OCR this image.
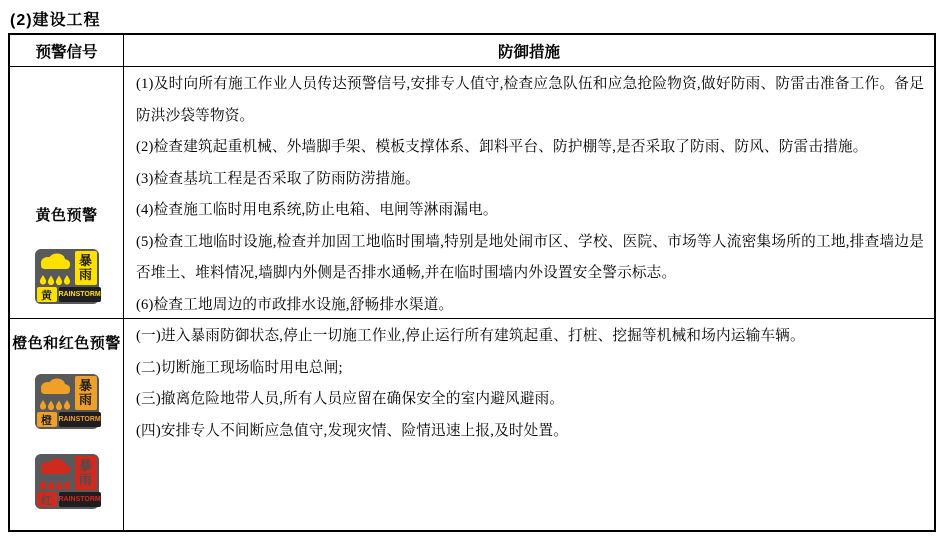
(2)建设工程
预警信号	防御措施
黄色预警
暴雨
黄 RAINSTORM

(1)及时向所有施工作业人员传达预警信号,安排专人值守,检查应急队伍和应急抢险物资,做好防雨、防雷击准备工作。备足防洪沙袋等物资。

(2)检查建筑起重机械、外墙脚手架、模板支撑体系、卸料平台、防护棚等,是否采取了防雨、防风、防雷击措施。

(3)检查基坑工程是否采取了防雨防涝措施。

(4)检查施工临时用电系统,防止电箱、电闸等淋雨漏电。

(5)检查工地临时设施,检查并加固工地临时围墙,特别是地处闹市区、学校、医院、市场等人流密集场所的工地,排查墙边是否堆土、堆料情况,墙脚内外侧是否排水通畅,并在临时围墙内外设置安全警示标志。

(6)检查工地周边的市政排水设施,舒畅排水渠道。

橙色和红色预警
暴雨
橙 RAINSTORM
暴雨
红 RAINSTORM

(一)进入暴雨防御状态,停止一切施工作业,停止运行所有建筑起重、打桩、挖掘等机械和场内运输车辆。

(二)切断施工现场临时用电总闸;

(三)撤离危险地带人员,所有人员应留在确保安全的室内避风避雨。

(四)安排专人不间断应急值守,发现灾情、险情迅速上报,及时处置。
